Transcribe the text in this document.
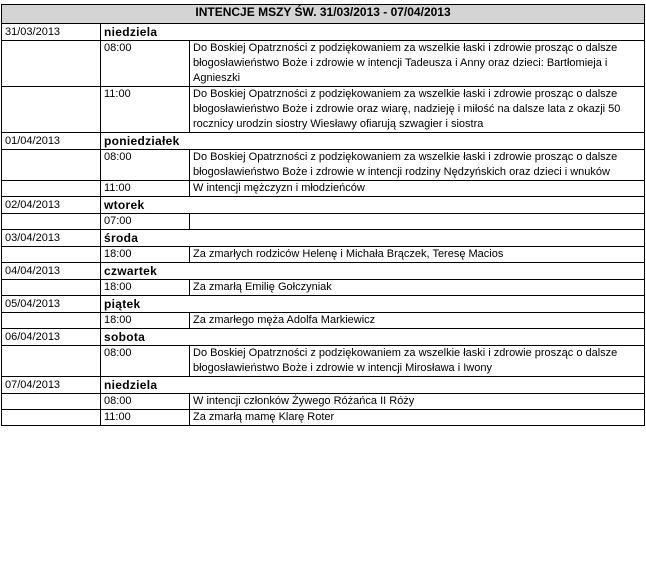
INTENCJE MSZY ŚW. 31/03/2013 - 07/04/2013		
31/03/2013	niedziela	
	08:00	Do Boskiej Opatrzności z podziękowaniem za wszelkie łaski i zdrowie prosząc o dalsze błogosławieństwo Boże i zdrowie w intencji Tadeusza i Anny oraz dzieci: Bartłomieja i Agnieszki
	11:00	Do Boskiej Opatrzności z podziękowaniem za wszelkie łaski i zdrowie prosząc o dalsze błogosławieństwo Boże i zdrowie oraz wiarę, nadzieję i miłość na dalsze lata z okazji 50 rocznicy urodzin siostry Wiesławy ofiarują szwagier i siostra
01/04/2013	poniedziałek	
	08:00	Do Boskiej Opatrzności z podziękowaniem za wszelkie łaski i zdrowie prosząc o dalsze błogosławieństwo Boże i zdrowie w intencji rodziny Nędzyńskich oraz dzieci i wnuków
	11:00	W intencji mężczyzn i młodzieńców
02/04/2013	wtorek	
	07:00	
03/04/2013	środa	
	18:00	Za zmarłych rodziców Helenę i Michała Brączek, Teresę Macios
04/04/2013	czwartek	
	18:00	Za zmarłą Emilię Gołczyniak
05/04/2013	piątek	
	18:00	Za zmarłego męża Adolfa Markiewicz
06/04/2013	sobota	
	08:00	Do Boskiej Opatrzności z podziękowaniem za wszelkie łaski i zdrowie prosząc o dalsze błogosławieństwo Boże i zdrowie w intencji Mirosława i Iwony
07/04/2013	niedziela	
	08:00	W intencji członków Żywego Różańca II Róży
	11:00	Za zmarłą mamę Klarę Roter
